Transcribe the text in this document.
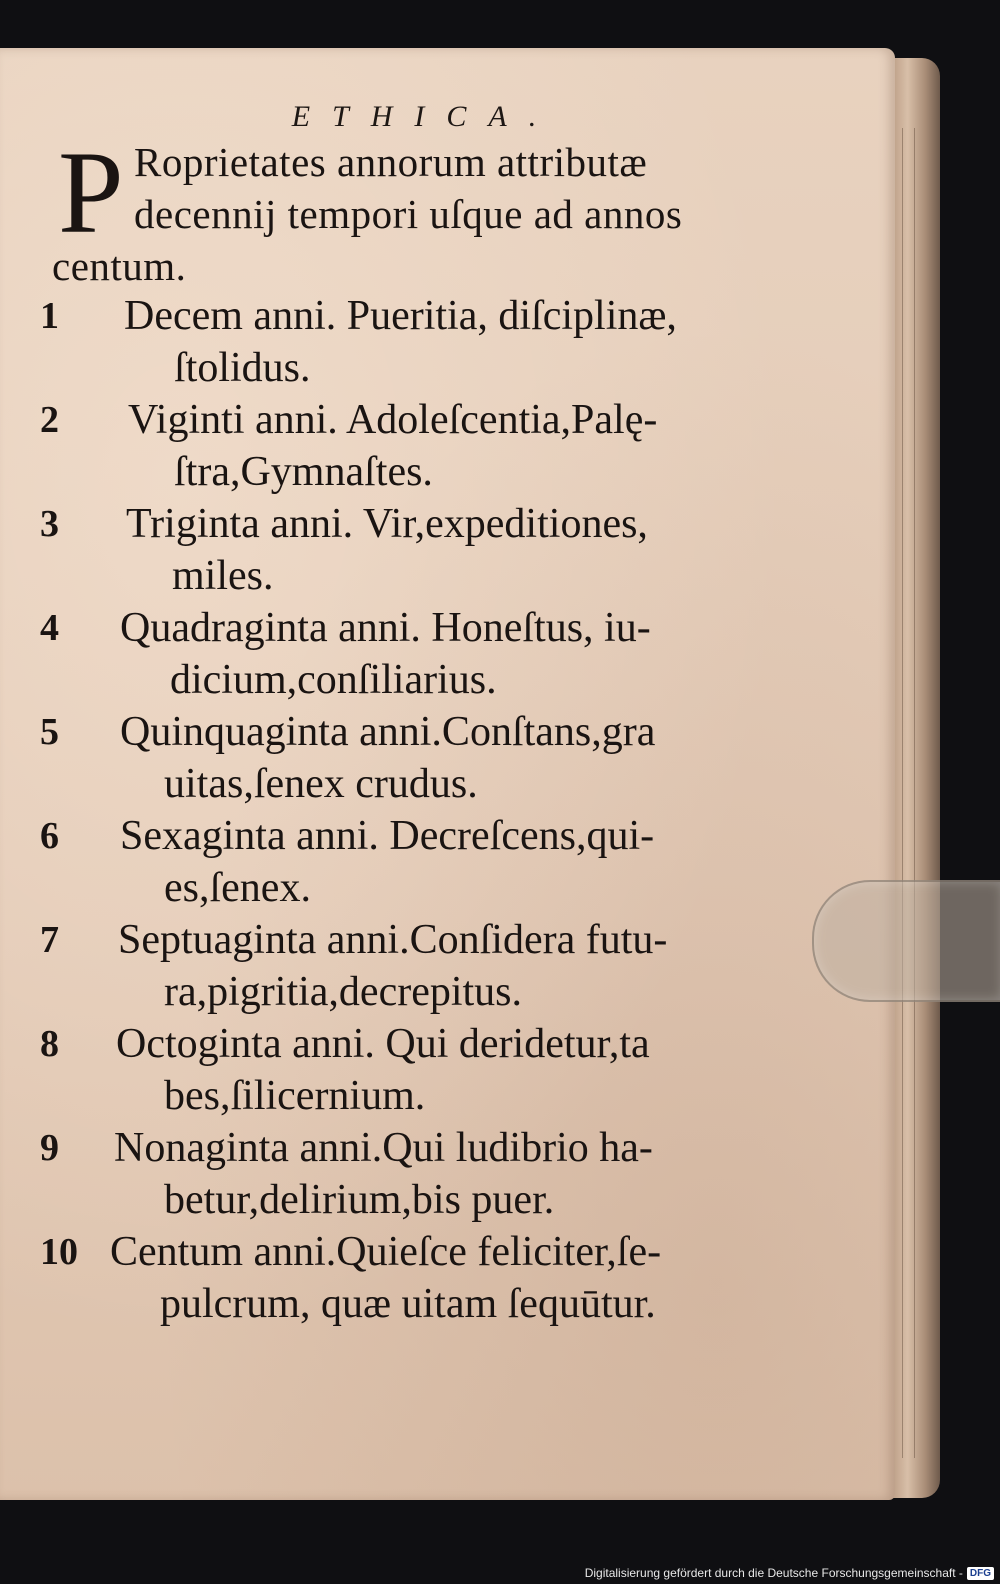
ETHICA.
P Roprietates annorum attributæ
decennij tempori uſque ad annos
centum.
1	Decem anni. Pueritia, diſciplinæ,
ſtolidus.
2	Viginti anni. Adoleſcentia,Palę-
ſtra,Gymnaſtes.
3	Triginta anni. Vir,expeditiones,
miles.
4	Quadraginta anni. Honeſtus, iu-
dicium,conſiliarius.
5	Quinquaginta anni.Conſtans,gra
uitas,ſenex crudus.
6	Sexaginta anni. Decreſcens,qui-
es,ſenex.
7	Septuaginta anni.Conſidera futu-
ra,pigritia,decrepitus.
8	Octoginta anni. Qui deridetur,ta
bes,ſilicernium.
9	Nonaginta anni.Qui ludibrio ha-
betur,delirium,bis puer.
10 Centum anni.Quieſce feliciter,ſe-
pulcrum, quæ uitam ſequūtur.
Digitalisierung gefördert durch die Deutsche Forschungsgemeinschaft - DFG
